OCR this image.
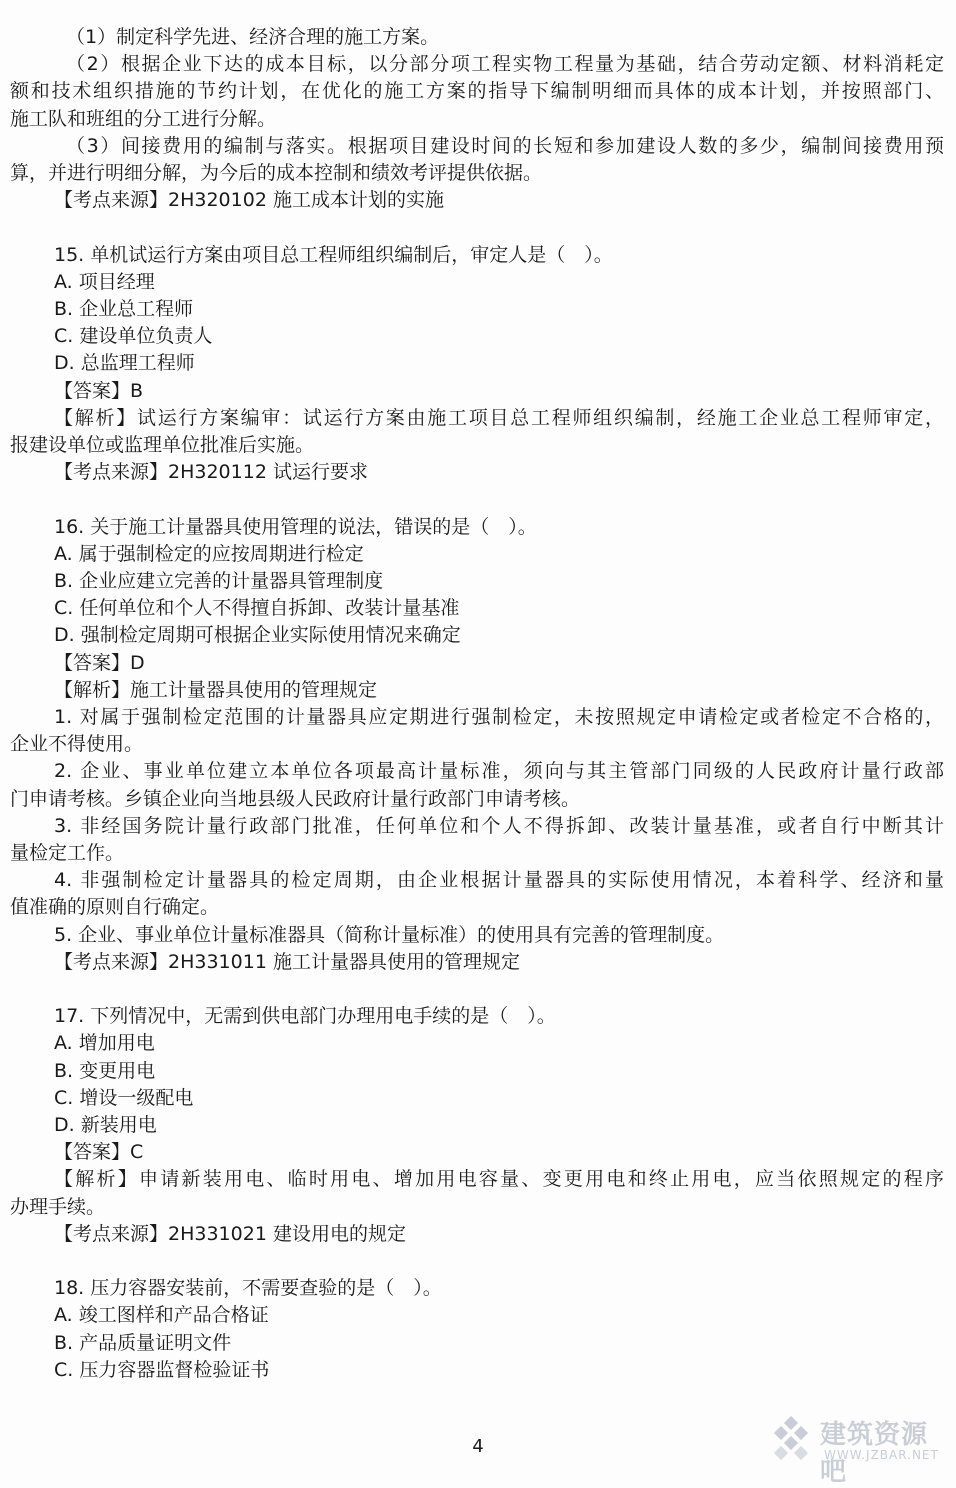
（1）制定科学先进、经济合理的施工方案。
（2）根据企业下达的成本目标，以分部分项工程实物工程量为基础，结合劳动定额、材料消耗定
额和技术组织措施的节约计划，在优化的施工方案的指导下编制明细而具体的成本计划，并按照部门、
施工队和班组的分工进行分解。
（3）间接费用的编制与落实。根据项目建设时间的长短和参加建设人数的多少，编制间接费用预
算，并进行明细分解，为今后的成本控制和绩效考评提供依据。
【考点来源】2H320102 施工成本计划的实施
15. 单机试运行方案由项目总工程师组织编制后，审定人是（　）。
A. 项目经理
B. 企业总工程师
C. 建设单位负责人
D. 总监理工程师
【答案】B
【解析】试运行方案编审：试运行方案由施工项目总工程师组织编制，经施工企业总工程师审定，
报建设单位或监理单位批准后实施。
【考点来源】2H320112 试运行要求
16. 关于施工计量器具使用管理的说法，错误的是（　）。
A. 属于强制检定的应按周期进行检定
B. 企业应建立完善的计量器具管理制度
C. 任何单位和个人不得擅自拆卸、改装计量基准
D. 强制检定周期可根据企业实际使用情况来确定
【答案】D
【解析】施工计量器具使用的管理规定
1. 对属于强制检定范围的计量器具应定期进行强制检定，未按照规定申请检定或者检定不合格的，
企业不得使用。
2. 企业、事业单位建立本单位各项最高计量标准，须向与其主管部门同级的人民政府计量行政部
门申请考核。乡镇企业向当地县级人民政府计量行政部门申请考核。
3. 非经国务院计量行政部门批准，任何单位和个人不得拆卸、改装计量基准，或者自行中断其计
量检定工作。
4. 非强制检定计量器具的检定周期，由企业根据计量器具的实际使用情况，本着科学、经济和量
值准确的原则自行确定。
5. 企业、事业单位计量标准器具（简称计量标准）的使用具有完善的管理制度。
【考点来源】2H331011 施工计量器具使用的管理规定
17. 下列情况中，无需到供电部门办理用电手续的是（　）。
A. 增加用电
B. 变更用电
C. 增设一级配电
D. 新装用电
【答案】C
【解析】申请新装用电、临时用电、增加用电容量、变更用电和终止用电，应当依照规定的程序
办理手续。
【考点来源】2H331021 建设用电的规定
18. 压力容器安装前，不需要查验的是（　）。
A. 竣工图样和产品合格证
B. 产品质量证明文件
C. 压力容器监督检验证书
4	建筑资源吧
WWW.JZBAR.NET
